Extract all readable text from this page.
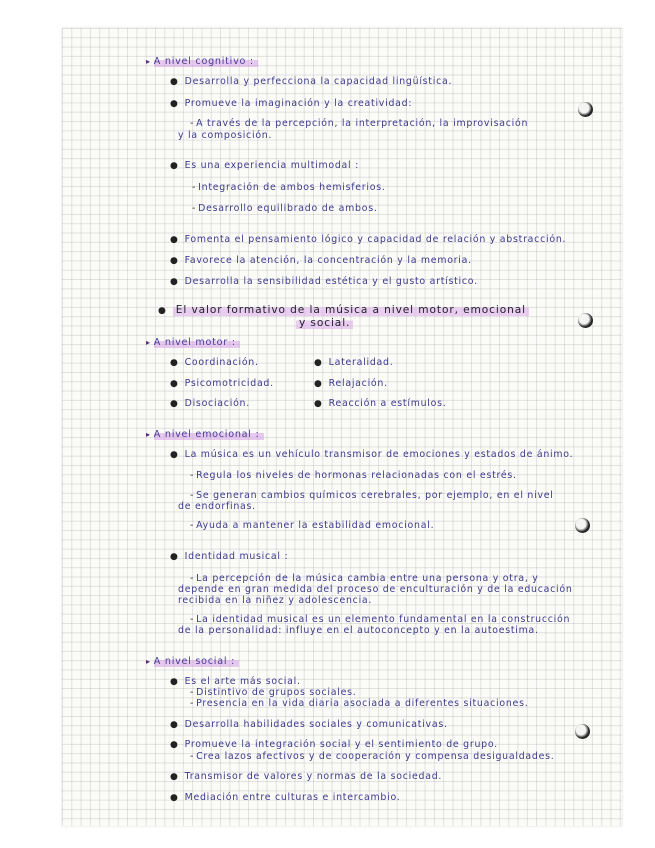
▸ A nivel cognitivo :
● Desarrolla y perfecciona la capacidad lingüística.
● Promueve la imaginación y la creatividad:
- A través de la percepción, la interpretación, la improvisación
y la composición.
● Es una experiencia multimodal :
- Integración de ambos hemisferios.
- Desarrollo equilibrado de ambos.
● Fomenta el pensamiento lógico y capacidad de relación y abstracción.
● Favorece la atención, la concentración y la memoria.
● Desarrolla la sensibilidad estética y el gusto artístico.
● El valor formativo de la música a nivel motor, emocional
y social.
▸ A nivel motor :
● Coordinación.
● Psicomotricidad.
● Disociación.
● Lateralidad.
● Relajación.
● Reacción a estímulos.
▸ A nivel emocional :
● La música es un vehículo transmisor de emociones y estados de ánimo.
- Regula los niveles de hormonas relacionadas con el estrés.
- Se generan cambios químicos cerebrales, por ejemplo, en el nivel
de endorfinas.
- Ayuda a mantener la estabilidad emocional.
● Identidad musical :
- La percepción de la música cambia entre una persona y otra, y
depende en gran medida del proceso de enculturación y de la educación
recibida en la niñez y adolescencia.
- La identidad musical es un elemento fundamental en la construcción
de la personalidad: influye en el autoconcepto y en la autoestima.
▸ A nivel social :
● Es el arte más social.
- Distintivo de grupos sociales.
- Presencia en la vida diaria asociada a diferentes situaciones.
● Desarrolla habilidades sociales y comunicativas.
● Promueve la integración social y el sentimiento de grupo.
- Crea lazos afectivos y de cooperación y compensa desigualdades.
● Transmisor de valores y normas de la sociedad.
● Mediación entre culturas e intercambio.
